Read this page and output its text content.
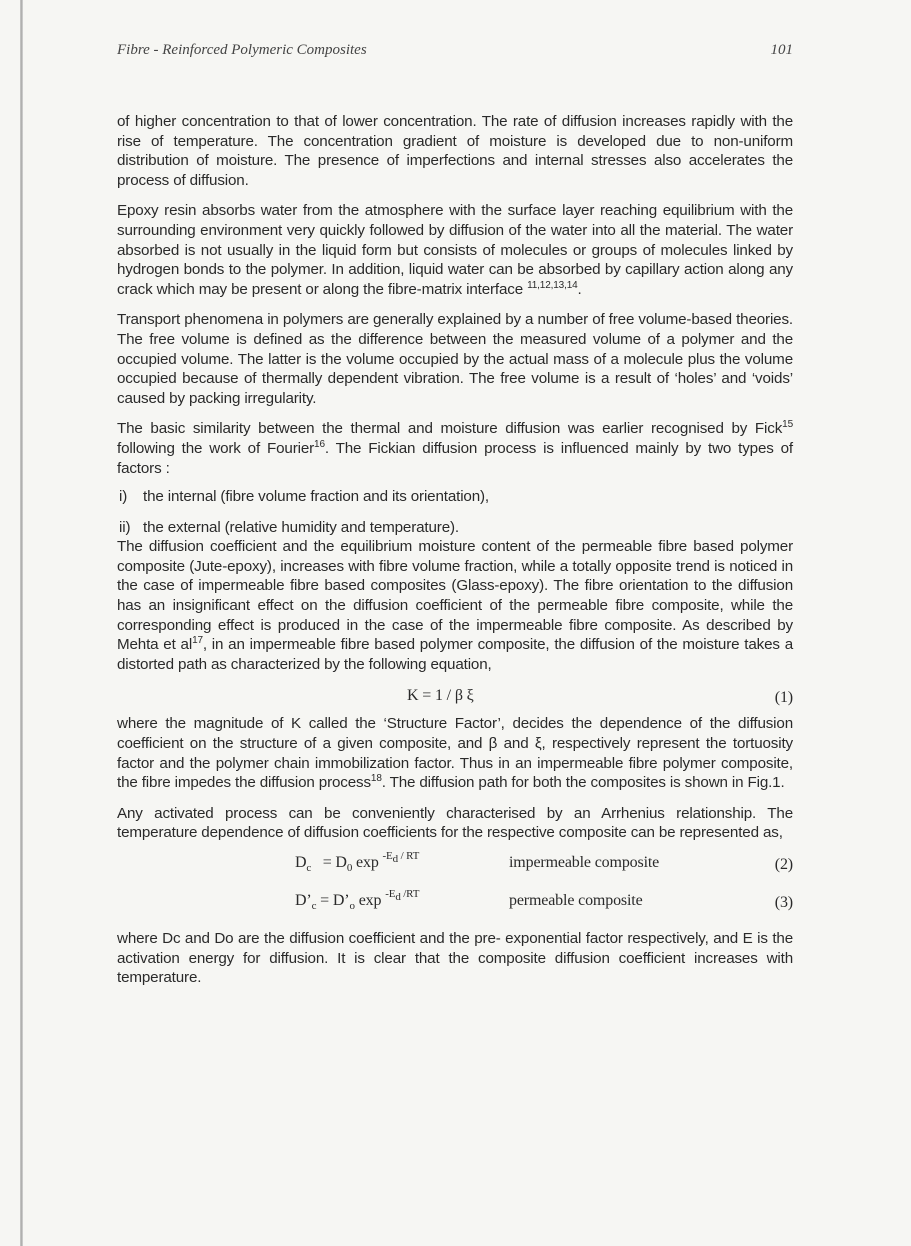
Fibre - Reinforced Polymeric Composites	101

of higher concentration to that of lower concentration. The rate of diffusion increases rapidly with the rise of temperature. The concentration gradient of moisture is developed due to non-uniform distribution of moisture. The presence of imperfections and internal stresses also accelerates the process of diffusion.

Epoxy resin absorbs water from the atmosphere with the surface layer reaching equilibrium with the surrounding environment very quickly followed by diffusion of the water into all the material. The water absorbed is not usually in the liquid form but consists of molecules or groups of molecules linked by hydrogen bonds to the polymer. In addition, liquid water can be absorbed by capillary action along any crack which may be present or along the fibre-matrix interface $^{11,12,13,14}$.

Transport phenomena in polymers are generally explained by a number of free volume-based theories. The free volume is defined as the difference between the measured volume of a polymer and the occupied volume. The latter is the volume occupied by the actual mass of a molecule plus the volume occupied because of thermally dependent vibration. The free volume is a result of ‘holes’ and ‘voids’ caused by packing irregularity.

The basic similarity between the thermal and moisture diffusion was earlier recognised by Fick$^{15}$ following the work of Fourier$^{16}$. The Fickian diffusion process is influenced mainly by two types of factors :

i) the internal (fibre volume fraction and its orientation),
ii) the external (relative humidity and temperature).

The diffusion coefficient and the equilibrium moisture content of the permeable fibre based polymer composite (Jute-epoxy), increases with fibre volume fraction, while a totally opposite trend is noticed in the case of impermeable fibre based composites (Glass-epoxy). The fibre orientation to the diffusion has an insignificant effect on the diffusion coefficient of the permeable fibre composite, while the corresponding effect is produced in the case of the impermeable fibre composite. As described by Mehta et $al^{17}$, in an impermeable fibre based polymer composite, the diffusion of the moisture takes a distorted path as characterized by the following equation,

K = 1 / β ξ	(1)

where the magnitude of K called the ‘Structure Factor’, decides the dependence of the diffusion coefficient on the structure of a given composite, and β and ξ, respectively represent the tortuosity factor and the polymer chain immobilization factor. Thus in an impermeable fibre polymer composite, the fibre impedes the diffusion process$^{18}$. The diffusion path for both the composites is shown in Fig.1.

Any activated process can be conveniently characterised by an Arrhenius relationship. The temperature dependence of diffusion coefficients for the respective composite can be represented as,

$D_c = D_0$ exp $^{-E_d / RT}$	impermeable composite	(2)
$D’_c$ = $D’_o$ exp $^{-E_d /RT}$	permeable composite	(3)

where Dc and Do are the diffusion coefficient and the pre- exponential factor respectively, and E is the activation energy for diffusion. It is clear that the composite diffusion coefficient increases with temperature.
